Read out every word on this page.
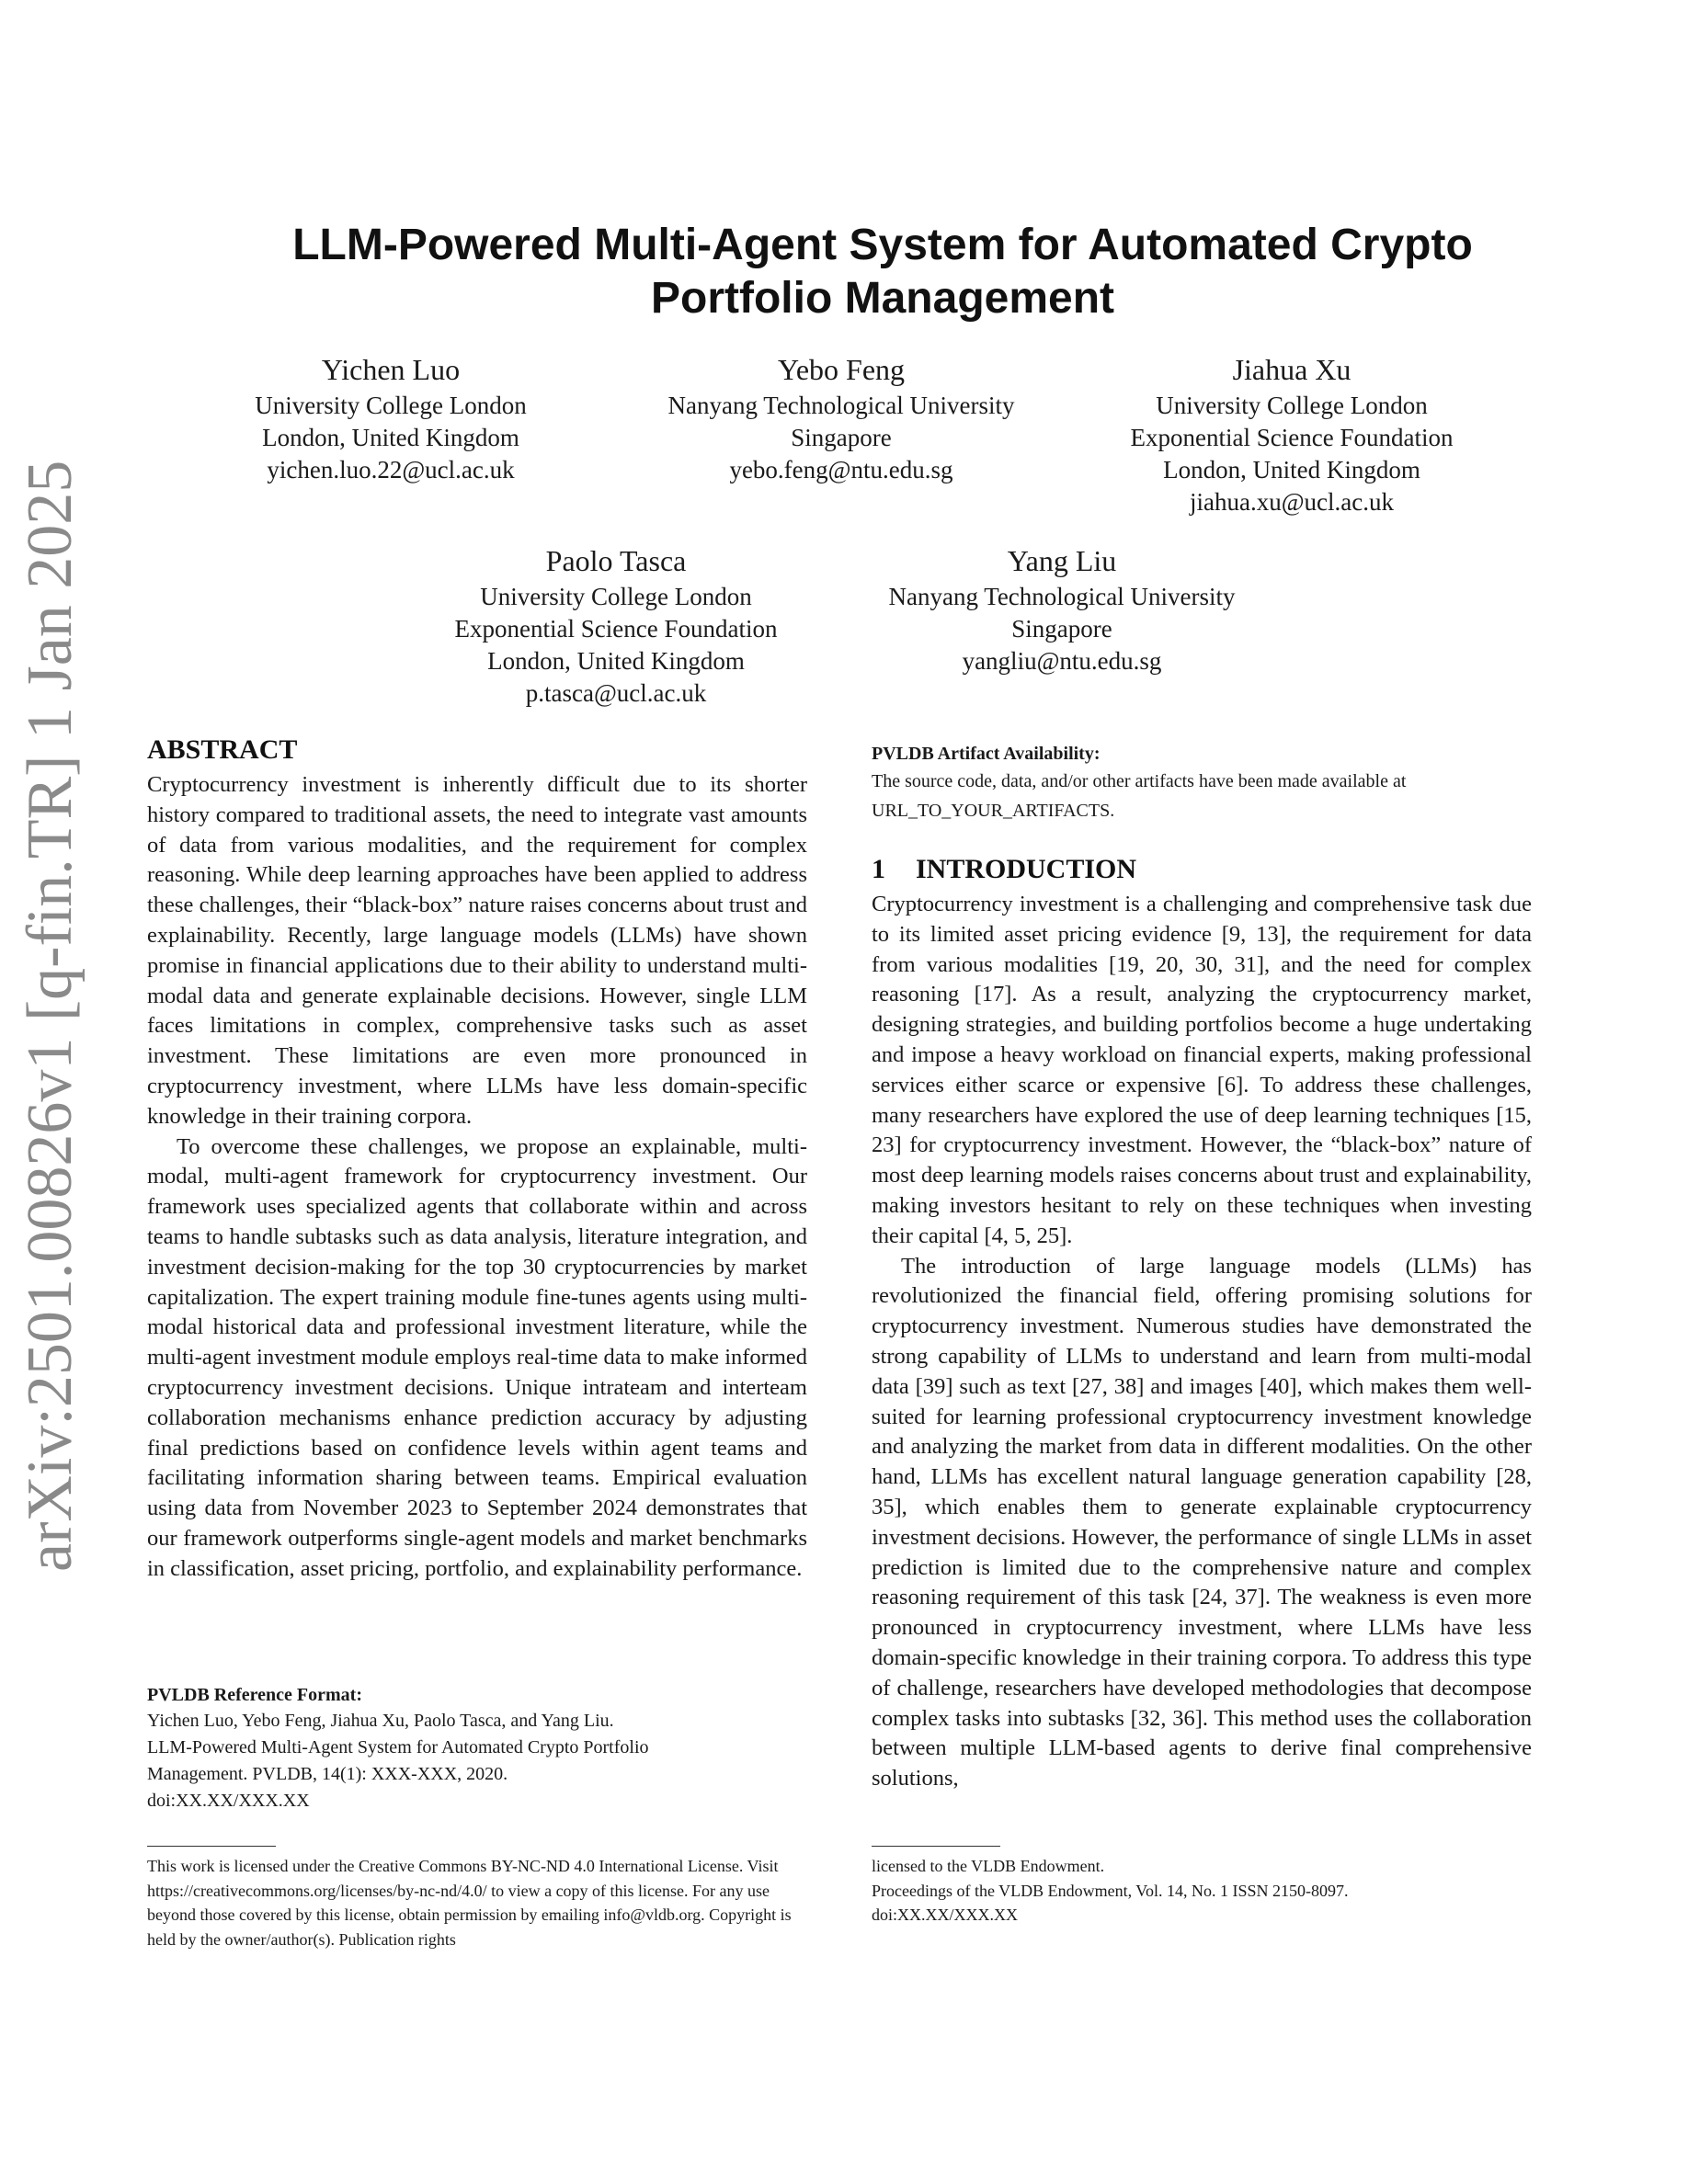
arXiv:2501.00826v1 [q-fin.TR] 1 Jan 2025
LLM-Powered Multi-Agent System for Automated Crypto
Portfolio Management
Yichen Luo
University College London
London, United Kingdom
yichen.luo.22@ucl.ac.uk
Yebo Feng
Nanyang Technological University
Singapore
yebo.feng@ntu.edu.sg
Jiahua Xu
University College London
Exponential Science Foundation
London, United Kingdom
jiahua.xu@ucl.ac.uk
Paolo Tasca
University College London
Exponential Science Foundation
London, United Kingdom
p.tasca@ucl.ac.uk
Yang Liu
Nanyang Technological University
Singapore
yangliu@ntu.edu.sg
ABSTRACT

Cryptocurrency investment is inherently difficult due to its shorter history compared to traditional assets, the need to integrate vast amounts of data from various modalities, and the requirement for complex reasoning. While deep learning approaches have been applied to address these challenges, their “black-box” nature raises concerns about trust and explainability. Recently, large language models (LLMs) have shown promise in financial applications due to their ability to understand multi-modal data and generate explainable decisions. However, single LLM faces limitations in complex, comprehensive tasks such as asset investment. These limitations are even more pronounced in cryptocurrency investment, where LLMs have less domain-specific knowledge in their training corpora.

To overcome these challenges, we propose an explainable, multi-modal, multi-agent framework for cryptocurrency investment. Our framework uses specialized agents that collaborate within and across teams to handle subtasks such as data analysis, literature integration, and investment decision-making for the top 30 cryptocurrencies by market capitalization. The expert training module fine-tunes agents using multi-modal historical data and professional investment literature, while the multi-agent investment module employs real-time data to make informed cryptocurrency investment decisions. Unique intrateam and interteam collaboration mechanisms enhance prediction accuracy by adjusting final predictions based on confidence levels within agent teams and facilitating information sharing between teams. Empirical evaluation using data from November 2023 to September 2024 demonstrates that our framework outperforms single-agent models and market benchmarks in classification, asset pricing, portfolio, and explainability performance.

PVLDB Reference Format:

Yichen Luo, Yebo Feng, Jiahua Xu, Paolo Tasca, and Yang Liu.

LLM-Powered Multi-Agent System for Automated Crypto Portfolio

Management. PVLDB, 14(1): XXX-XXX, 2020.

doi:XX.XX/XXX.XX

This work is licensed under the Creative Commons BY-NC-ND 4.0 International License. Visit https://creativecommons.org/licenses/by-nc-nd/4.0/ to view a copy of this license. For any use beyond those covered by this license, obtain permission by emailing info@vldb.org. Copyright is held by the owner/author(s). Publication rights

PVLDB Artifact Availability:

The source code, data, and/or other artifacts have been made available at

URL_TO_YOUR_ARTIFACTS.

1 INTRODUCTION

Cryptocurrency investment is a challenging and comprehensive task due to its limited asset pricing evidence [9, 13], the requirement for data from various modalities [19, 20, 30, 31], and the need for complex reasoning [17]. As a result, analyzing the cryptocurrency market, designing strategies, and building portfolios become a huge undertaking and impose a heavy workload on financial experts, making professional services either scarce or expensive [6]. To address these challenges, many researchers have explored the use of deep learning techniques [15, 23] for cryptocurrency investment. However, the “black-box” nature of most deep learning models raises concerns about trust and explainability, making investors hesitant to rely on these techniques when investing their capital [4, 5, 25].

The introduction of large language models (LLMs) has revolutionized the financial field, offering promising solutions for cryptocurrency investment. Numerous studies have demonstrated the strong capability of LLMs to understand and learn from multi-modal data [39] such as text [27, 38] and images [40], which makes them well-suited for learning professional cryptocurrency investment knowledge and analyzing the market from data in different modalities. On the other hand, LLMs has excellent natural language generation capability [28, 35], which enables them to generate explainable cryptocurrency investment decisions. However, the performance of single LLMs in asset prediction is limited due to the comprehensive nature and complex reasoning requirement of this task [24, 37]. The weakness is even more pronounced in cryptocurrency investment, where LLMs have less domain-specific knowledge in their training corpora. To address this type of challenge, researchers have developed methodologies that decompose complex tasks into subtasks [32, 36]. This method uses the collaboration between multiple LLM-based agents to derive final comprehensive solutions,

licensed to the VLDB Endowment.

Proceedings of the VLDB Endowment, Vol. 14, No. 1 ISSN 2150-8097.

doi:XX.XX/XXX.XX
